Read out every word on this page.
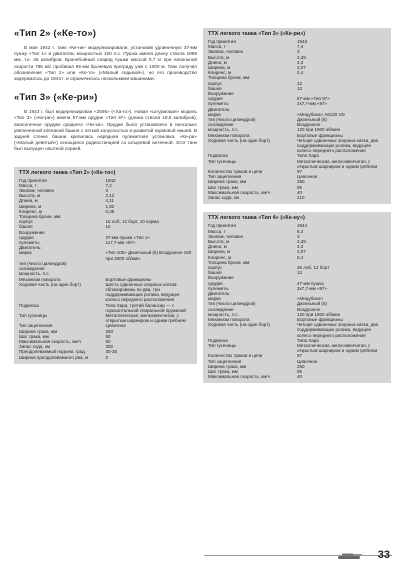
«Тип 2» («Ке-то»)

В мае 1942 г. танк «Ке-ни» модернизировали, установив удлиненную 37-мм пушку «Тип 1» и двигатель мощностью 150 л.с. Пушка имела длину ствола 1899 мм, т.е. 46 калибров. Бронебойный снаряд пушки массой 0,7 кг при начальной скорости 785 м/с пробивал 55-мм броневую преграду уже с 1000 м. Танк получил обозначение «Тип 2» или «Ке-то» («Малый седьмой»), но его производство задержалось до 1944 г. и ограничилось несколькими машинами.

«Тип 3» («Ке-ри»)

В 1943 г. был модернизирован «2595» («Ха-го»). Новая «штурмовая» модель «Тип 3» («Ке-ри») имела 57-мм орудие «Тип 97» (длина ствола 18,5 калибров), аналогичное орудию среднего «Чи-ха». Орудие было установлено в несколько увеличенной клепаной башне с легкой конусностью и развитой кормовой нишей. В задней стенке башни крепилась нарядная пулеметная установка. «Ке-ри» («Малый девятый») оснащался радиостанцией со штыревой антенной. Этот танк был выпущен опытной серией.

ТТХ легкого танка «Тип 2» («Ке-то»)
Год принятия	1942
Масса, т	7,2
Экипаж, человек	3
Высота, м	2,12
Длина, м	4,11
Ширина, м	1,82
Клиренс, м	0,35
Толщина брони, мм:	
корпус	16 лоб, 12 борт, 10 корма
башня	16
Вооружение	
орудие	37-мм пушка «Тип 1»
пулеметы	1х7,7-мм «97»
Двигатель:	
марка	«Тип 100» Дизельный (6) Воздушное 150 при 2000 об/мин
тип (число цилиндров)	
охлаждение	
мощность, л.с.	
Механизм поворота	Бортовые фрикционы
Ходовая часть (на один борт)	Шесть сдвоенных опорных катков сблокированы по два, три поддерживающих ролика, ведущее колесо переднего расположения
Подвеска	Типа Хара, третий балансир — с горизонтальной спиральной пружиной
Тип гусеницы	Металлическая, мелкозвенчатая, с открытым шарниром и одним гребнем
Тип зацепления	Цевочное
Ширина трака, мм	250
Шаг трака, мм	90
Максимальная скорость, км/ч	50
Запас хода, км	300
Преодолеваемый подъем, град.	30-35
Ширина преодолеваемого рва, м	2
ТТХ легкого танка «Тип 3» («Ке-ри»)
Год принятия	1943
Масса, т	7,4
Экипаж, человек	3
Высота, м	2,28
Длина, м	4,3
Ширина, м	2,07
Клиренс, м	0,4
Толщина брони, мм:	
корпус	12
башня	12
Вооружение	
орудие	57-мм «Тип 97»
пулеметы	2х7,7-мм «97»
Двигатель:	
марка	«Мицубиси» А6120 VD
тип (число цилиндров)	Дизельный (6)
охлаждение	Воздушное
мощность, л.с.	120 при 1800 об/мин
Механизм поворота	Бортовые фрикционы
Ходовая часть (на один борт)	Четыре сдвоенных опорных катка, два поддерживающих ролика, ведущее колесо переднего расположения
Подвеска	Типа Хара
Тип гусеницы	Металлическая, мелкозвенчатая, с открытым шарниром и одним гребнем
Количество траков в цепи	97
Тип зацепления	Цевочное
Ширина трака, мм	250
Шаг трака, мм	95
Максимальная скорость, км/ч	40
Запас хода, км	210
ТТХ легкого танка «Тип 4» («Ке-ну»)
Год принятия	1944
Масса, т	8,4
Экипаж, человек	3
Высота, м	2,28
Длина, м	4,3
Ширина, м	2,07
Клиренс, м	0,4
Толщина брони, мм:	
корпус	25 лоб, 12 борт
башня	12
Вооружение	
орудие	47-мм пушка
пулеметы	2х7,7-мм «97»
Двигатель:	
марка	«Мицубиси»
тип (число цилиндров)	Дизельный (6)
охлаждение	Воздушное
мощность, л.с.	120 при 1800 об/мин
Механизм поворота	Бортовые фрикционы
Ходовая часть (на один борт)	Четыре сдвоенных опорных катка, два поддерживающих ролика, ведущее колесо переднего расположения
Подвеска	Типа Хара
Тип гусеницы	Металлическая, мелкозвенчатая, с открытым шарниром и одним гребнем
Количество траков в цепи	97
Тип зацепления	Цевочное
Ширина трака, мм	250
Шаг трака, мм	95
Максимальная скорость, км/ч	40
33
